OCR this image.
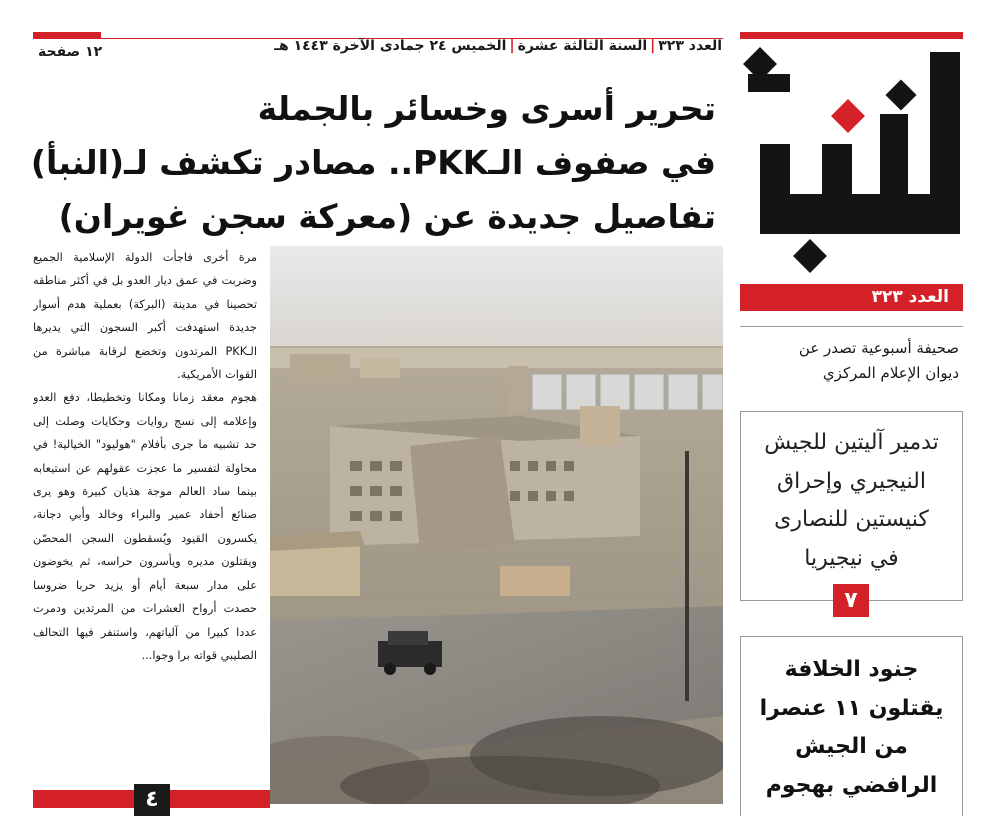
العدد ٣٢٣|السنة الثالثة عشرة|الخميس ٢٤ جمادى الآخرة ١٤٤٣ هـ
١٢ صفحة
تحرير أسرى وخسائر بالجملة
في صفوف الـPKK.. مصادر تكشف لـ(النبأ)
تفاصيل جديدة عن (معركة سجن غويران)

مرة أخرى فاجأت الدولة الإسلامية الجميع وضربت في عمق ديار العدو بل في أكثر مناطقه تحصينا في مدينة (البركة) بعملية هدم أسوار جديدة استهدفت أكبر السجون التي يديرها الـPKK المرتدون وتخضع لرقابة مباشرة من القوات الأمريكية.

هجوم معقد زمانا ومكانا وتخطيطا، دفع العدو وإعلامه إلى نسج روايات وحكايات وصلت إلى حد تشبيه ما جرى بأفلام "هوليود" الخيالية! في محاولة لتفسير ما عجزت عقولهم عن استيعابه بينما ساد العالم موجة هذيان كبيرة وهو يرى صنائع أحفاد عمير والبراء وخالد وأبي دجانة، يكسرون القيود ويُسقطون السجن المحصّن ويقتلون مديره ويأسرون حراسه، ثم يخوضون على مدار سبعة أيام أو يزيد حربا ضروسا حصدت أرواح العشرات من المرتدين ودمرت عددا كبيرا من آلياتهم، واستنفر فيها التحالف الصليبي قواته برا وجوا...

٤
النبأ
العدد ٣٢٣
صحيفة أسبوعية تصدر عن
ديوان الإعلام المركزي
تدمير آليتين للجيش
النيجيري وإحراق
كنيستين للنصارى
في نيجيريا
٧
جنود الخلافة
يقتلون ١١ عنصرا
من الجيش
الرافضي بهجوم
